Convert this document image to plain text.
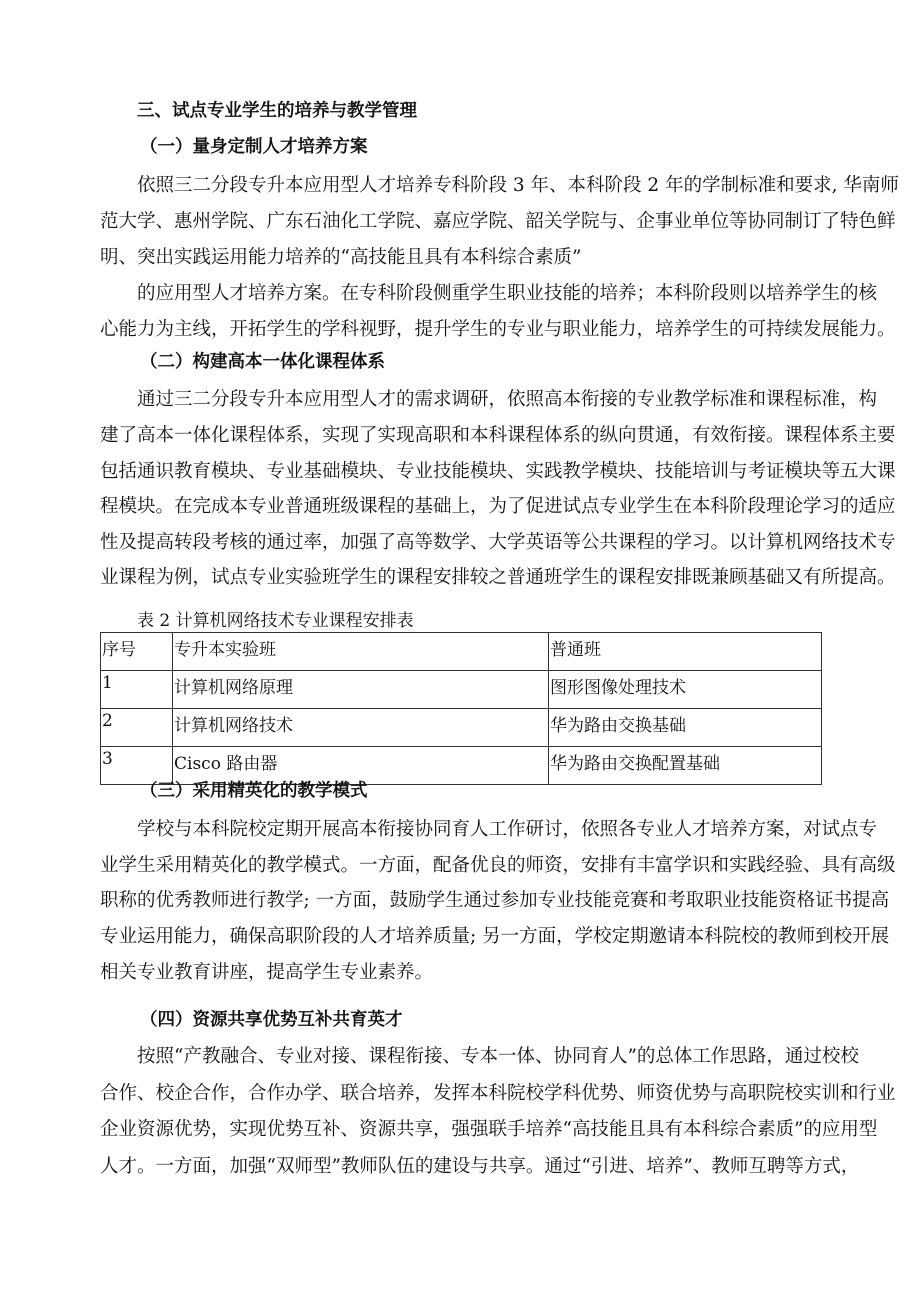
三、试点专业学生的培养与教学管理
（一）量身定制人才培养方案
依照三二分段专升本应用型人才培养专科阶段 3 年、本科阶段 2 年的学制标准和要求, 华南师
范大学、惠州学院、广东石油化工学院、嘉应学院、韶关学院与、企事业单位等协同制订了特色鲜
明、突出实践运用能力培养的“高技能且具有本科综合素质”
的应用型人才培养方案。在专科阶段侧重学生职业技能的培养；本科阶段则以培养学生的核
心能力为主线，开拓学生的学科视野，提升学生的专业与职业能力，培养学生的可持续发展能力。
（二）构建高本一体化课程体系
通过三二分段专升本应用型人才的需求调研，依照高本衔接的专业教学标准和课程标准，构
建了高本一体化课程体系，实现了实现高职和本科课程体系的纵向贯通，有效衔接。课程体系主要
包括通识教育模块、专业基础模块、专业技能模块、实践教学模块、技能培训与考证模块等五大课
程模块。在完成本专业普通班级课程的基础上，为了促进试点专业学生在本科阶段理论学习的适应
性及提高转段考核的通过率，加强了高等数学、大学英语等公共课程的学习。以计算机网络技术专
业课程为例，试点专业实验班学生的课程安排较之普通班学生的课程安排既兼顾基础又有所提高。
表 2 计算机网络技术专业课程安排表
序号	专升本实验班	普通班
1	计算机网络原理	图形图像处理技术
2	计算机网络技术	华为路由交换基础
3	Cisco 路由器	华为路由交换配置基础
（三）采用精英化的教学模式
学校与本科院校定期开展高本衔接协同育人工作研讨，依照各专业人才培养方案，对试点专
业学生采用精英化的教学模式。一方面，配备优良的师资，安排有丰富学识和实践经验、具有高级
职称的优秀教师进行教学; 一方面，鼓励学生通过参加专业技能竞赛和考取职业技能资格证书提高
专业运用能力，确保高职阶段的人才培养质量; 另一方面，学校定期邀请本科院校的教师到校开展
相关专业教育讲座，提高学生专业素养。
（四）资源共享优势互补共育英才
按照“产教融合、专业对接、课程衔接、专本一体、协同育人”的总体工作思路，通过校校
合作、校企合作，合作办学、联合培养，发挥本科院校学科优势、师资优势与高职院校实训和行业
企业资源优势，实现优势互补、资源共享，强强联手培养“高技能且具有本科综合素质”的应用型
人才。一方面，加强“双师型”教师队伍的建设与共享。通过“引进、培养”、教师互聘等方式，
